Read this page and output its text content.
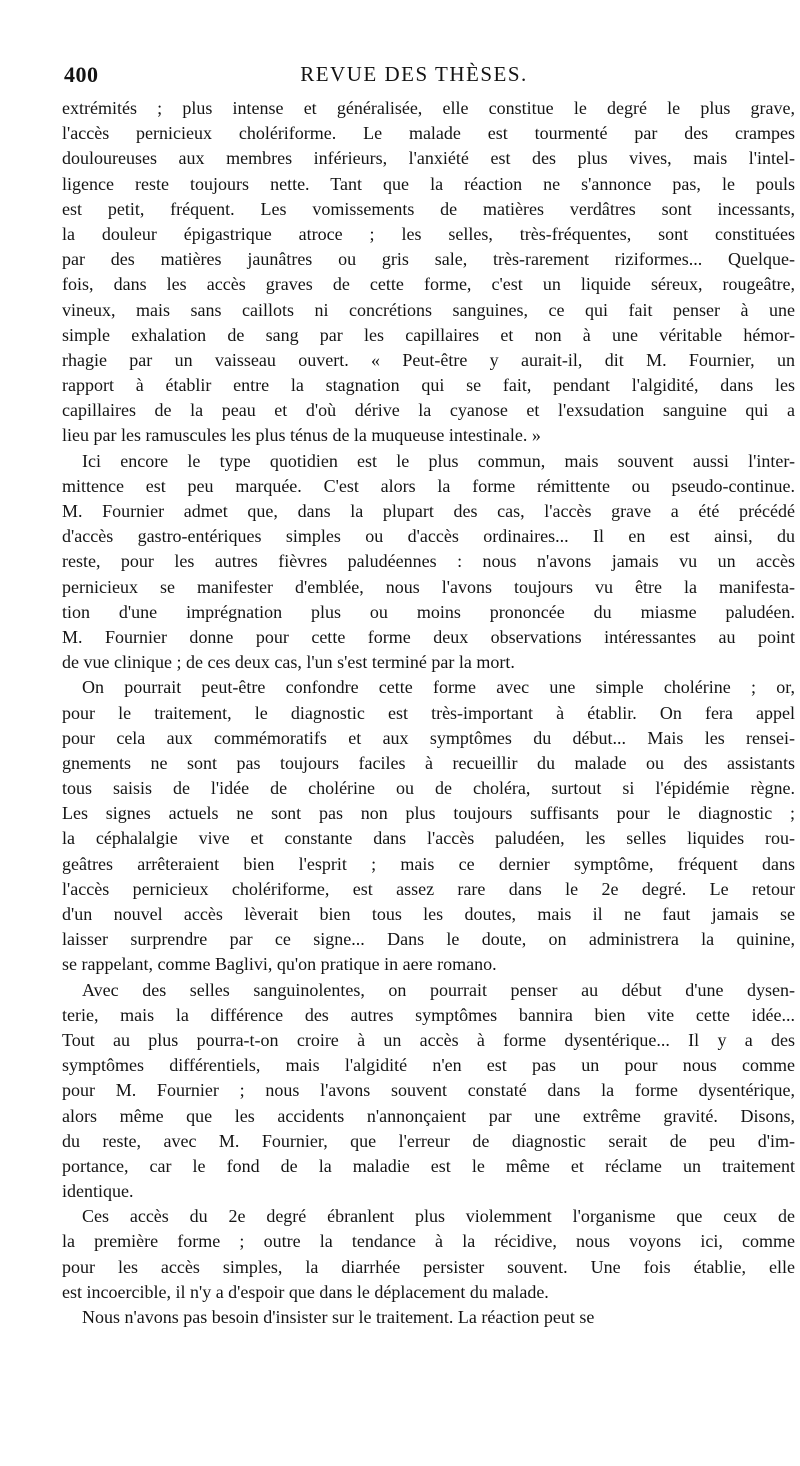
400	REVUE DES THÈSES.
extrémités ; plus intense et généralisée, elle constitue le degré le plus grave,
l'accès pernicieux cholériforme. Le malade est tourmenté par des crampes
douloureuses aux membres inférieurs, l'anxiété est des plus vives, mais l'intel-
ligence reste toujours nette. Tant que la réaction ne s'annonce pas, le pouls
est petit, fréquent. Les vomissements de matières verdâtres sont incessants,
la douleur épigastrique atroce ; les selles, très-fréquentes, sont constituées
par des matières jaunâtres ou gris sale, très-rarement riziformes... Quelque-
fois, dans les accès graves de cette forme, c'est un liquide séreux, rougeâtre,
vineux, mais sans caillots ni concrétions sanguines, ce qui fait penser à une
simple exhalation de sang par les capillaires et non à une véritable hémor-
rhagie par un vaisseau ouvert. « Peut-être y aurait-il, dit M. Fournier, un
rapport à établir entre la stagnation qui se fait, pendant l'algidité, dans les
capillaires de la peau et d'où dérive la cyanose et l'exsudation sanguine qui a
lieu par les ramuscules les plus ténus de la muqueuse intestinale. »
Ici encore le type quotidien est le plus commun, mais souvent aussi l'inter-
mittence est peu marquée. C'est alors la forme rémittente ou pseudo-continue.
M. Fournier admet que, dans la plupart des cas, l'accès grave a été précédé
d'accès gastro-entériques simples ou d'accès ordinaires... Il en est ainsi, du
reste, pour les autres fièvres paludéennes : nous n'avons jamais vu un accès
pernicieux se manifester d'emblée, nous l'avons toujours vu être la manifesta-
tion d'une imprégnation plus ou moins prononcée du miasme paludéen.
M. Fournier donne pour cette forme deux observations intéressantes au point
de vue clinique ; de ces deux cas, l'un s'est terminé par la mort.
On pourrait peut-être confondre cette forme avec une simple cholérine ; or,
pour le traitement, le diagnostic est très-important à établir. On fera appel
pour cela aux commémoratifs et aux symptômes du début... Mais les rensei-
gnements ne sont pas toujours faciles à recueillir du malade ou des assistants
tous saisis de l'idée de cholérine ou de choléra, surtout si l'épidémie règne.
Les signes actuels ne sont pas non plus toujours suffisants pour le diagnostic ;
la céphalalgie vive et constante dans l'accès paludéen, les selles liquides rou-
geâtres arrêteraient bien l'esprit ; mais ce dernier symptôme, fréquent dans
l'accès pernicieux cholériforme, est assez rare dans le 2e degré. Le retour
d'un nouvel accès lèverait bien tous les doutes, mais il ne faut jamais se
laisser surprendre par ce signe... Dans le doute, on administrera la quinine,
se rappelant, comme Baglivi, qu'on pratique in aere romano.
Avec des selles sanguinolentes, on pourrait penser au début d'une dysen-
terie, mais la différence des autres symptômes bannira bien vite cette idée...
Tout au plus pourra-t-on croire à un accès à forme dysentérique... Il y a des
symptômes différentiels, mais l'algidité n'en est pas un pour nous comme
pour M. Fournier ; nous l'avons souvent constaté dans la forme dysentérique,
alors même que les accidents n'annonçaient par une extrême gravité. Disons,
du reste, avec M. Fournier, que l'erreur de diagnostic serait de peu d'im-
portance, car le fond de la maladie est le même et réclame un traitement
identique.
Ces accès du 2e degré ébranlent plus violemment l'organisme que ceux de
la première forme ; outre la tendance à la récidive, nous voyons ici, comme
pour les accès simples, la diarrhée persister souvent. Une fois établie, elle
est incoercible, il n'y a d'espoir que dans le déplacement du malade.
Nous n'avons pas besoin d'insister sur le traitement. La réaction peut se
